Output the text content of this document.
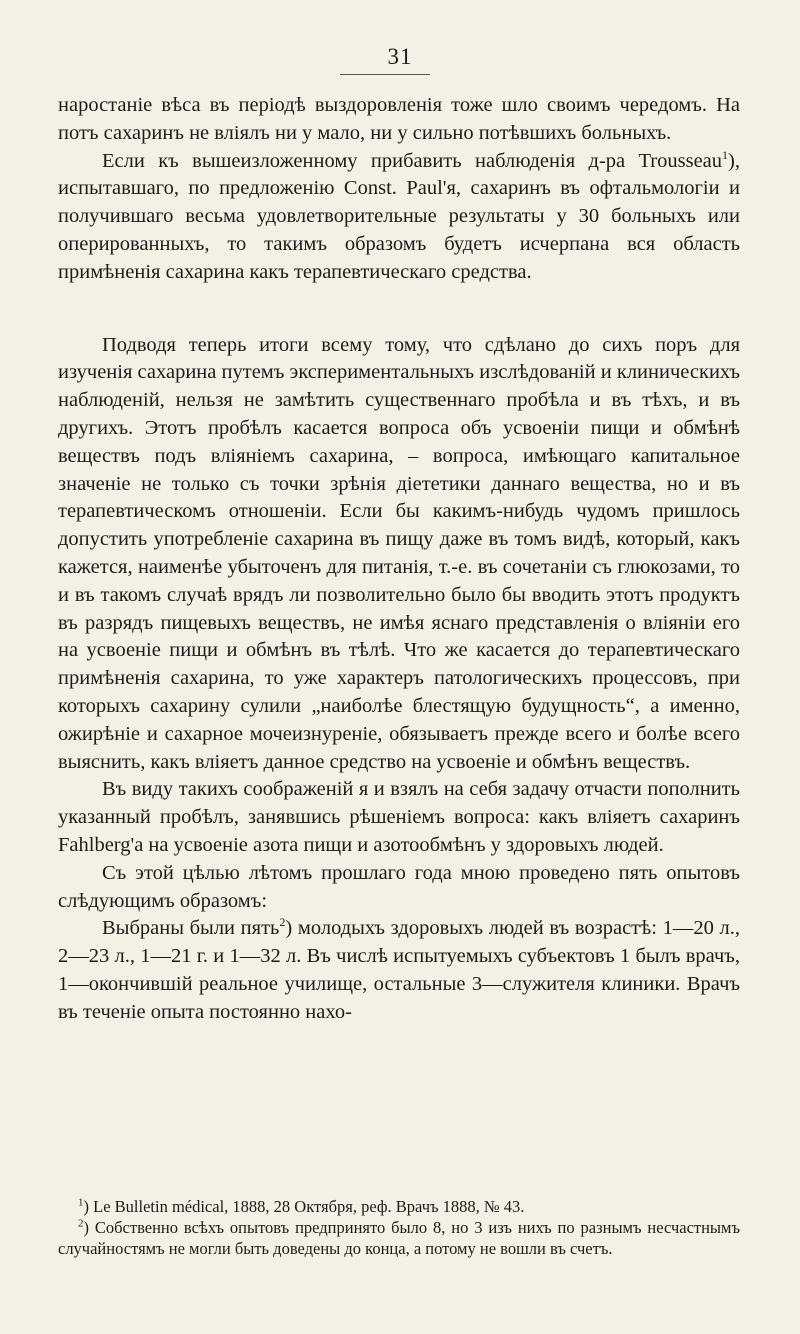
31

наростаніе вѣса въ періодѣ выздоровленія тоже шло своимъ чередомъ. На потъ сахаринъ не вліялъ ни у мало, ни у сильно потѣвшихъ больныхъ.

Если къ вышеизложенному прибавить наблюденія д-ра Trousseau$^1$), испытавшаго, по предложенію Const. Paul'я, сахаринъ въ офтальмологіи и получившаго весьма удовлетворительные результаты у 30 больныхъ или оперированныхъ, то такимъ образомъ будетъ исчерпана вся область примѣненія сахарина какъ терапевтическаго средства.

Подводя теперь итоги всему тому, что сдѣлано до сихъ поръ для изученія сахарина путемъ экспериментальныхъ изслѣдованій и клиническихъ наблюденій, нельзя не замѣтить существеннаго пробѣла и въ тѣхъ, и въ другихъ. Этотъ пробѣлъ касается вопроса объ усвоеніи пищи и обмѣнѣ веществъ подъ вліяніемъ сахарина, – вопроса, имѣющаго капитальное значеніе не только съ точки зрѣнія діететики даннаго вещества, но и въ терапевтическомъ отношеніи. Если бы какимъ-нибудь чудомъ пришлось допустить употребленіе сахарина въ пищу даже въ томъ видѣ, который, какъ кажется, наименѣе убыточенъ для питанія, т.-е. въ сочетаніи съ глюкозами, то и въ такомъ случаѣ врядъ ли позволительно было бы вводить этотъ продуктъ въ разрядъ пищевыхъ веществъ, не имѣя яснаго представленія о вліяніи его на усвоеніе пищи и обмѣнъ въ тѣлѣ. Что же касается до терапевтическаго примѣненія сахарина, то уже характеръ патологическихъ процессовъ, при которыхъ сахарину сулили „наиболѣе блестящую будущность“, а именно, ожирѣніе и сахарное мочеизнуреніе, обязываетъ прежде всего и болѣе всего выяснить, какъ вліяетъ данное средство на усвоеніе и обмѣнъ веществъ.

Въ виду такихъ соображеній я и взялъ на себя задачу отчасти пополнить указанный пробѣлъ, занявшись рѣшеніемъ вопроса: какъ вліяетъ сахаринъ Fahlberg'а на усвоеніе азота пищи и азотообмѣнъ у здоровыхъ людей.

Съ этой цѣлью лѣтомъ прошлаго года мною проведено пять опытовъ слѣдующимъ образомъ:

Выбраны были пять$^2$) молодыхъ здоровыхъ людей въ возрастѣ: 1—20 л., 2—23 л., 1—21 г. и 1—32 л. Въ числѣ испытуемыхъ субъектовъ 1 былъ врачъ, 1—окончившій реальное училище, остальные 3—служителя клиники. Врачъ въ теченіе опыта постоянно нахо-

$^1$) Le Bulletin médical, 1888, 28 Октября, реф. Врачъ 1888, № 43.

$^2$) Собственно всѣхъ опытовъ предпринято было 8, но 3 изъ нихъ по разнымъ несчастнымъ случайностямъ не могли быть доведены до конца, а потому не вошли въ счетъ.
